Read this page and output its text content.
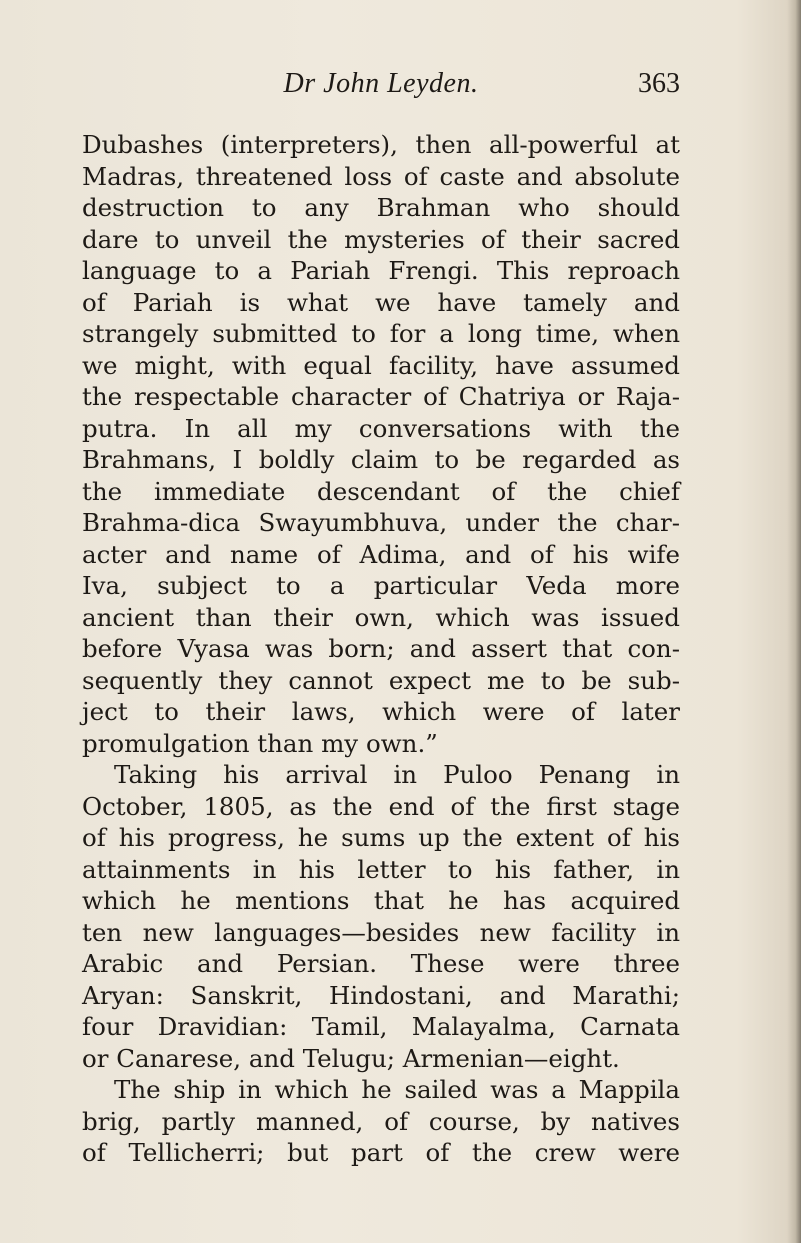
Dr John Leyden.	363
Dubashes (interpreters), then all-powerful at
Madras, threatened loss of caste and absolute
destruction to any Brahman who should
dare to unveil the mysteries of their sacred
language to a Pariah Frengi. This reproach
of Pariah is what we have tamely and
strangely submitted to for a long time, when
we might, with equal facility, have assumed
the respectable character of Chatriya or Raja-
putra. In all my conversations with the
Brahmans, I boldly claim to be regarded as
the immediate descendant of the chief
Brahma-dica Swayumbhuva, under the char-
acter and name of Adima, and of his wife
Iva, subject to a particular Veda more
ancient than their own, which was issued
before Vyasa was born; and assert that con-
sequently they cannot expect me to be sub-
ject to their laws, which were of later
promulgation than my own.”
Taking his arrival in Puloo Penang in
October, 1805, as the end of the first stage
of his progress, he sums up the extent of his
attainments in his letter to his father, in
which he mentions that he has acquired
ten new languages—besides new facility in
Arabic and Persian. These were three
Aryan: Sanskrit, Hindostani, and Marathi;
four Dravidian: Tamil, Malayalma, Carnata
or Canarese, and Telugu; Armenian—eight.
The ship in which he sailed was a Mappila
brig, partly manned, of course, by natives
of Tellicherri; but part of the crew were
